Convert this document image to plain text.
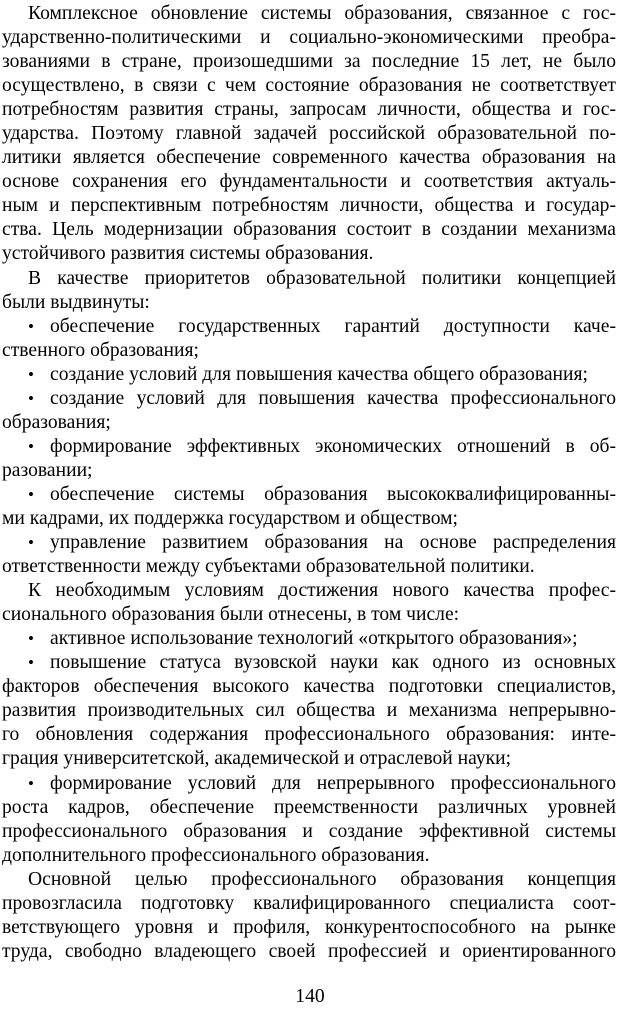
Комплексное обновление системы образования, связанное с гос-
ударственно-политическими и социально-экономическими преобра-
зованиями в стране, произошедшими за последние 15 лет, не было
осуществлено, в связи с чем состояние образования не соответствует
потребностям развития страны, запросам личности, общества и гос-
ударства. Поэтому главной задачей российской образовательной по-
литики является обеспечение современного качества образования на
основе сохранения его фундаментальности и соответствия актуаль-
ным и перспективным потребностям личности, общества и государ-
ства. Цель модернизации образования состоит в создании механизма
устойчивого развития системы образования.
В качестве приоритетов образовательной политики концепцией
были выдвинуты:
• обеспечение государственных гарантий доступности каче-
ственного образования;
• создание условий для повышения качества общего образования;
• создание условий для повышения качества профессионального
образования;
• формирование эффективных экономических отношений в об-
разовании;
• обеспечение системы образования высококвалифицированны-
ми кадрами, их поддержка государством и обществом;
• управление развитием образования на основе распределения
ответственности между субъектами образовательной политики.
К необходимым условиям достижения нового качества профес-
сионального образования были отнесены, в том числе:
• активное использование технологий «открытого образования»;
• повышение статуса вузовской науки как одного из основных
факторов обеспечения высокого качества подготовки специалистов,
развития производительных сил общества и механизма непрерывно-
го обновления содержания профессионального образования: инте-
грация университетской, академической и отраслевой науки;
• формирование условий для непрерывного профессионального
роста кадров, обеспечение преемственности различных уровней
профессионального образования и создание эффективной системы
дополнительного профессионального образования.
Основной целью профессионального образования концепция
провозгласила подготовку квалифицированного специалиста соот-
ветствующего уровня и профиля, конкурентоспособного на рынке
труда, свободно владеющего своей профессией и ориентированного
140
